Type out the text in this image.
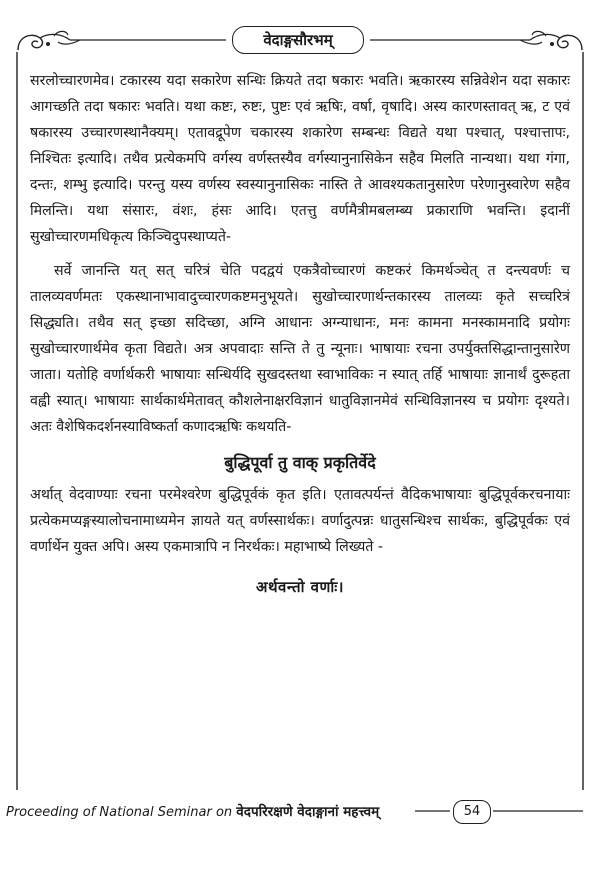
वेदाङ्गसौरभम्

सरलोच्चारणमेव। टकारस्य यदा सकारेण सन्धिः क्रियते तदा षकारः भवति। ऋकारस्य सन्निवेशेन यदा सकारः आगच्छति तदा षकारः भवति। यथा कष्टः, रुष्टः, पुष्टः एवं ऋषिः, वर्षा, वृषादि। अस्य कारणस्तावत् ऋ, ट एवं षकारस्य उच्चारणस्थानैक्यम्। एतावद्रूपेण चकारस्य शकारेण सम्बन्धः विद्यते यथा पश्चात्, पश्चात्तापः, निश्चितः इत्यादि। तथैव प्रत्येकमपि वर्गस्य वर्णस्तस्यैव वर्गस्यानुनासिकेन सहैव मिलति नान्यथा। यथा गंगा, दन्तः, शम्भु इत्यादि। परन्तु यस्य वर्णस्य स्वस्यानुनासिकः नास्ति ते आवश्यकतानुसारेण परेणानुस्वारेण सहैव मिलन्ति। यथा संसारः, वंशः, हंसः आदि। एतत्तु वर्णमैत्रीमबलम्ब्य प्रकाराणि भवन्ति। इदानीं सुखोच्चारणमधिकृत्य किञ्चिदुपस्थाप्यते-

सर्वे जानन्ति यत् सत् चरित्रं चेति पदद्वयं एकत्रैवोच्चारणं कष्टकरं किमर्थञ्चेत् त दन्त्यवर्णः च तालव्यवर्णमतः एकस्थानाभावादुच्चारणकष्टमनुभूयते। सुखोच्चारणार्थन्तकारस्य तालव्यः कृते सच्चरित्रं सिद्ध्यति। तथैव सत् इच्छा सदिच्छा, अग्नि आधानः अग्न्याधानः, मनः कामना मनस्कामनादि प्रयोगः सुखोच्चारणार्थमेव कृता विद्यते। अत्र अपवादाः सन्ति ते तु न्यूनाः। भाषायाः रचना उपर्युक्तसिद्धान्तानुसारेण जाता। यतोहि वर्णार्थकरी भाषायाः सन्धिर्यदि सुखदस्तथा स्वाभाविकः न स्यात् तर्हि भाषायाः ज्ञानार्थं दुरूहता वह्वी स्यात्। भाषायाः सार्थकार्थमेतावत् कौशलेनाक्षरविज्ञानं धातुविज्ञानमेवं सन्धिविज्ञानस्य च प्रयोगः दृश्यते। अतः वैशेषिकदर्शनस्याविष्कर्ता कणादऋषिः कथयति-

बुद्धिपूर्वा तु वाक् प्रकृतिर्वेदे

अर्थात् वेदवाण्याः रचना परमेश्वरेण बुद्धिपूर्वकं कृत इति। एतावत्पर्यन्तं वैदिकभाषायाः बुद्धिपूर्वकरचनायाः प्रत्येकमप्यङ्गस्यालोचनामाध्यमेन ज्ञायते यत् वर्णस्सार्थकः। वर्णादुत्पन्नः धातुसन्धिश्च सार्थकः, बुद्धिपूर्वकः एवं वर्णार्थेन युक्त अपि। अस्य एकमात्रापि न निरर्थकः। महाभाष्ये लिख्यते -

अर्थवन्तो वर्णाः।

Proceeding of National Seminar on वेदपरिरक्षणे वेदाङ्गानां महत्त्वम्	54
